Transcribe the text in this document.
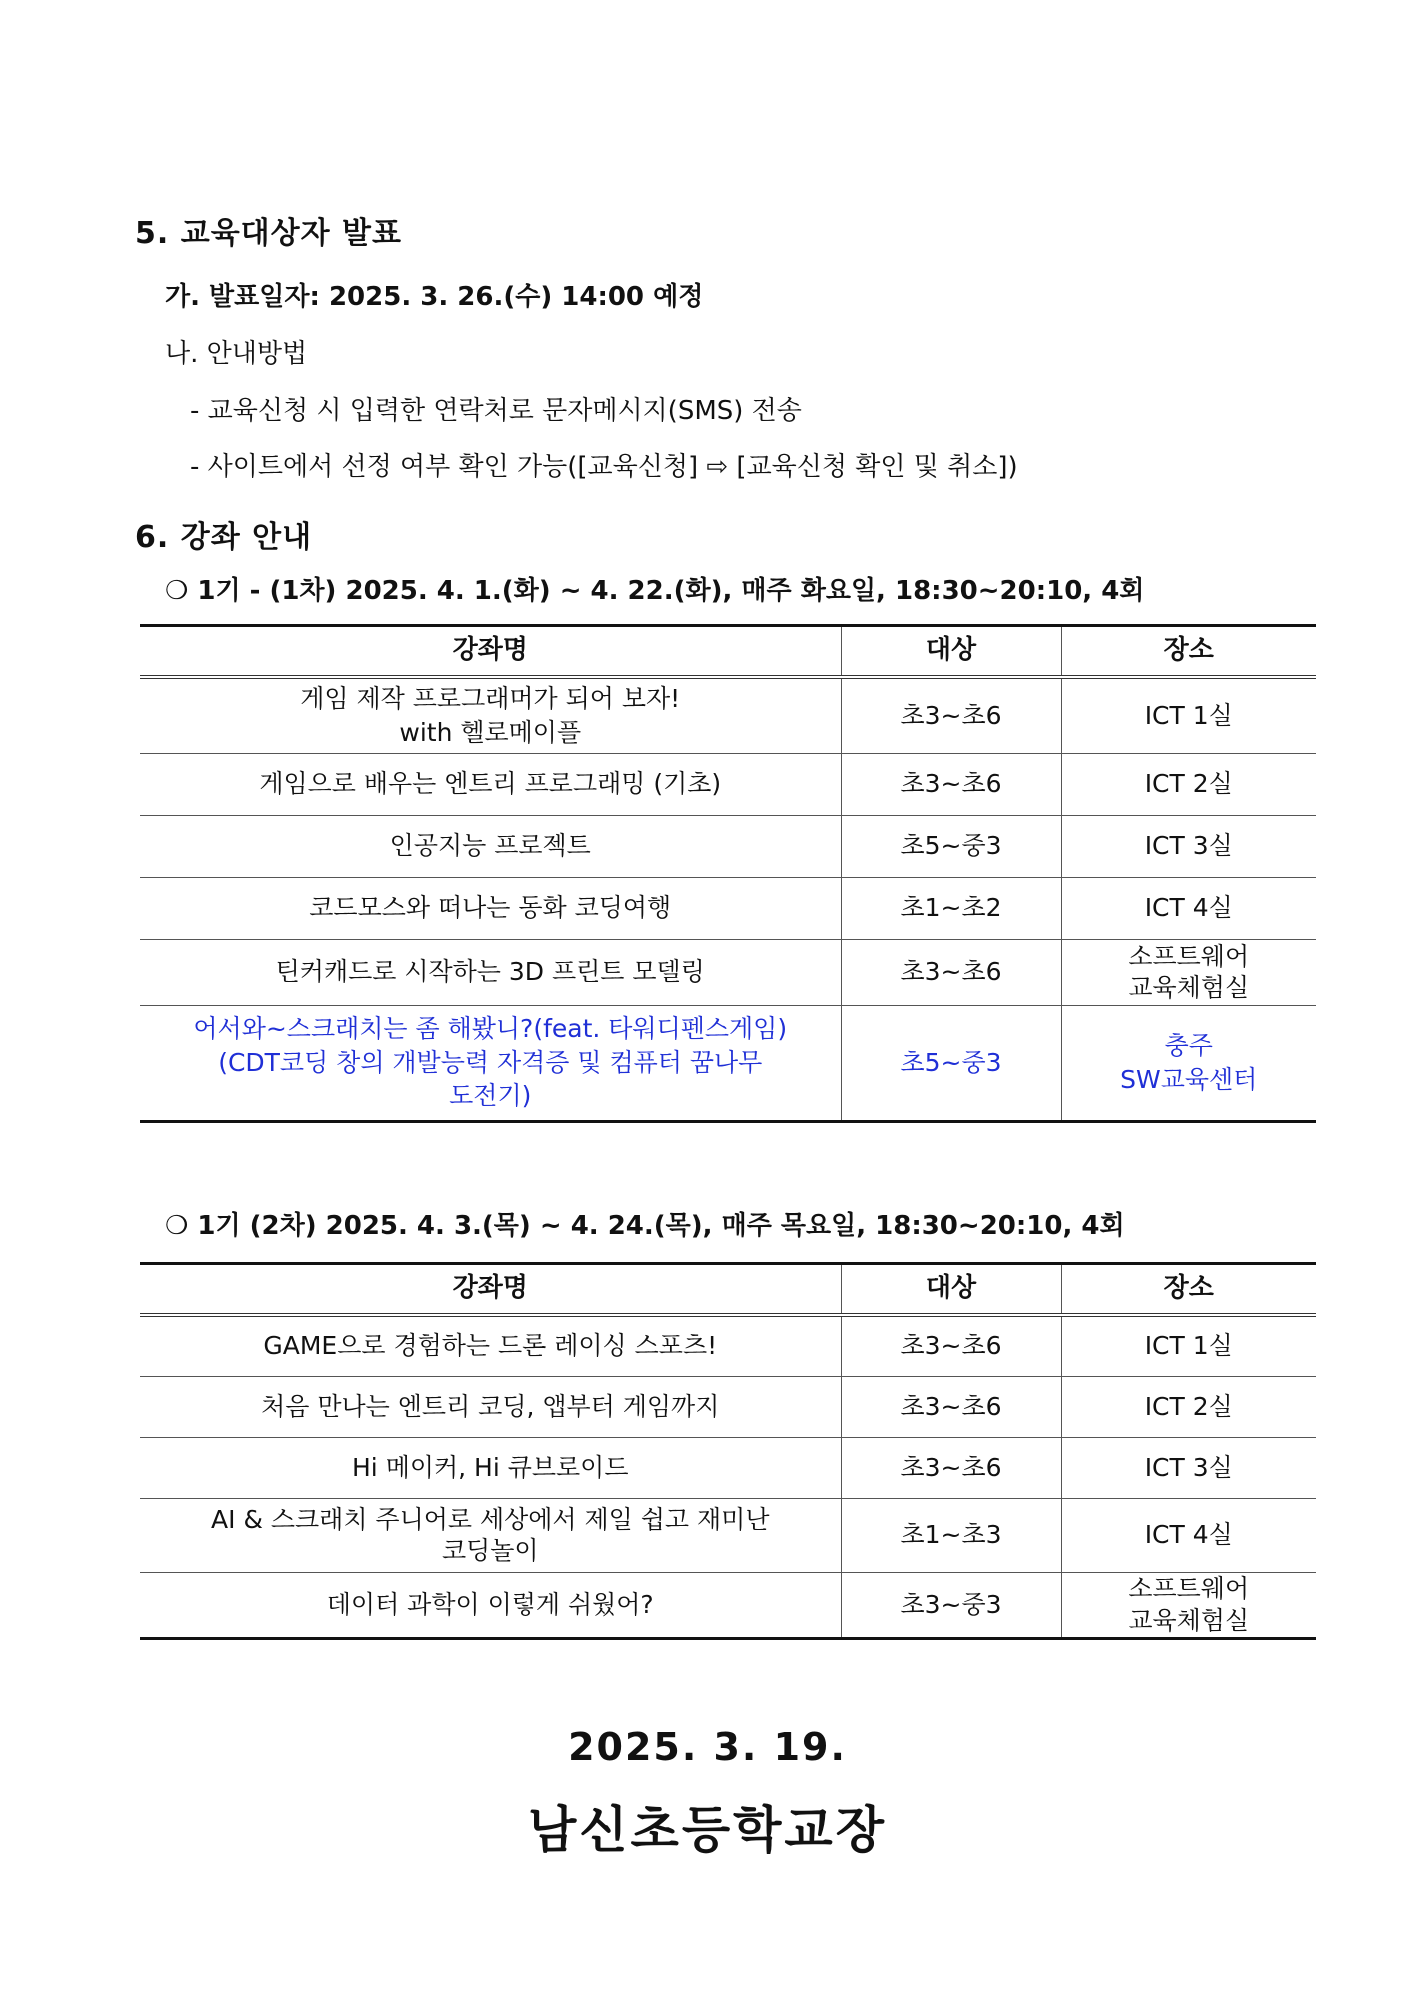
5. 교육대상자 발표
가. 발표일자: 2025. 3. 26.(수) 14:00 예정
나. 안내방법
- 교육신청 시 입력한 연락처로 문자메시지(SMS) 전송
- 사이트에서 선정 여부 확인 가능([교육신청] ⇨ [교육신청 확인 및 취소])
6. 강좌 안내
❍ 1기 - (1차) 2025. 4. 1.(화) ~ 4. 22.(화), 매주 화요일, 18:30~20:10, 4회
강좌명	대상	장소
게임 제작 프로그래머가 되어 보자!
with 헬로메이플	초3~초6	ICT 1실
게임으로 배우는 엔트리 프로그래밍 (기초)	초3~초6	ICT 2실
인공지능 프로젝트	초5~중3	ICT 3실
코드모스와 떠나는 동화 코딩여행	초1~초2	ICT 4실
틴커캐드로 시작하는 3D 프린트 모델링	초3~초6	소프트웨어
교육체험실
어서와~스크래치는 좀 해봤니?(feat. 타워디펜스게임)
(CDT코딩 창의 개발능력 자격증 및 컴퓨터 꿈나무
도전기)	초5~중3	충주
SW교육센터
❍ 1기 (2차) 2025. 4. 3.(목) ~ 4. 24.(목), 매주 목요일, 18:30~20:10, 4회
강좌명	대상	장소
GAME으로 경험하는 드론 레이싱 스포츠!	초3~초6	ICT 1실
처음 만나는 엔트리 코딩, 앱부터 게임까지	초3~초6	ICT 2실
Hi 메이커, Hi 큐브로이드	초3~초6	ICT 3실
AI & 스크래치 주니어로 세상에서 제일 쉽고 재미난
코딩놀이	초1~초3	ICT 4실
데이터 과학이 이렇게 쉬웠어?	초3~중3	소프트웨어
교육체험실
2025. 3. 19.
남신초등학교장
